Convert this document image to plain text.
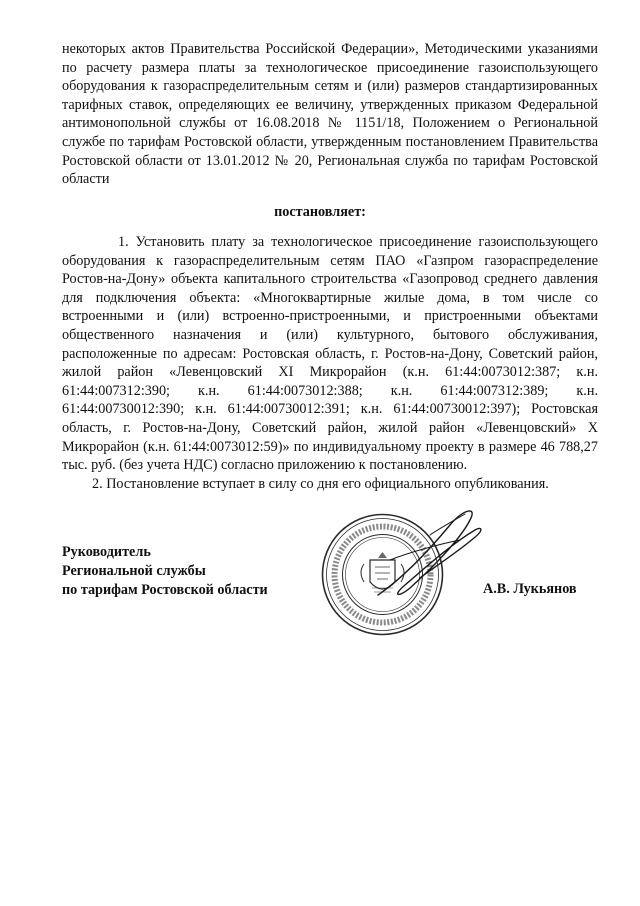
некоторых актов Правительства Российской Федерации», Методическими указаниями по расчету размера платы за технологическое присоединение газоиспользующего оборудования к газораспределительным сетям и (или) размеров стандартизированных тарифных ставок, определяющих ее величину, утвержденных приказом Федеральной антимонопольной службы от 16.08.2018 № 1151/18, Положением о Региональной службе по тарифам Ростовской области, утвержденным постановлением Правительства Ростовской области от 13.01.2012 № 20, Региональная служба по тарифам Ростовской области

постановляет:

1. Установить плату за технологическое присоединение газоиспользующего оборудования к газораспределительным сетям ПАО «Газпром газораспределение Ростов-на-Дону» объекта капитального строительства «Газопровод среднего давления для подключения объекта: «Многоквартирные жилые дома, в том числе со встроенными и (или) встроенно-пристроенными, и пристроенными объектами общественного назначения и (или) культурного, бытового обслуживания, расположенные по адресам: Ростовская область, г. Ростов-на-Дону, Советский район, жилой район «Левенцовский XI Микрорайон (к.н. 61:44:0073012:387; к.н. 61:44:007312:390; к.н. 61:44:0073012:388; к.н. 61:44:007312:389; к.н. 61:44:00730012:390; к.н. 61:44:00730012:391; к.н. 61:44:00730012:397); Ростовская область, г. Ростов-на-Дону, Советский район, жилой район «Левенцовский» X Микрорайон (к.н. 61:44:0073012:59)» по индивидуальному проекту в размере 46 788,27 тыс. руб. (без учета НДС) согласно приложению к постановлению.

2. Постановление вступает в силу со дня его официального опубликования.

Руководитель
Региональной службы
по тарифам Ростовской области	А.В. Лукьянов
